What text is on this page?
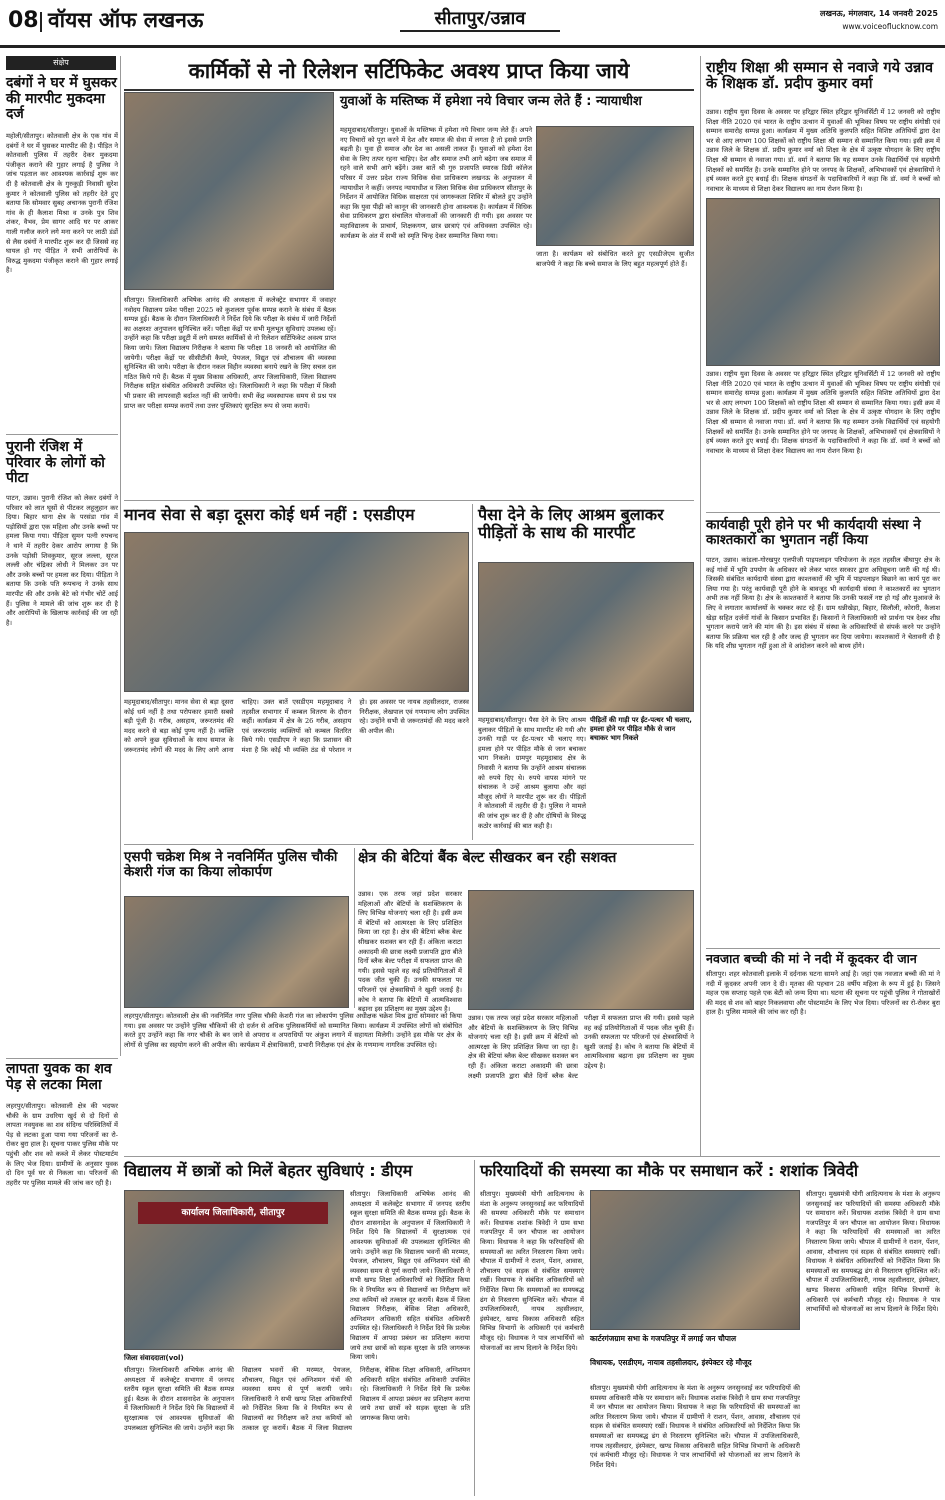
08 वॉयस ऑफ लखनऊ	सीतापुर/उन्नाव	लखनऊ, मंगलवार, 14 जनवरी 2025
www.voiceoflucknow.com
संक्षेप
दबंगों ने घर में घुसकर की मारपीट मुकदमा दर्ज
महोली/सीतापुर। कोतवाली क्षेत्र के एक गांव में दबंगों ने घर में घुसकर मारपीट की है। पीड़ित ने कोतवाली पुलिस में तहरीर देकर मुकदमा पंजीकृत कराने की गुहार लगाई है पुलिस ने जांच पड़ताल कर आवश्यक कार्रवाई शुरू कर दी है कोतवाली क्षेत्र के गुरुकुड़ी निवासी सुरेश कुमार ने कोतवाली पुलिस को तहरीर देते हुए बताया कि सोमवार सुबह अचानक पुरानी रंजिश गांव के ही कैलाश मिश्रा व उनके पुत्र शिव शंकर, वैभव, प्रेम सागर आदि घर पर आकर गाली गलौज करने लगे मना करने पर लाठी डंडों से लैस दबंगों ने मारपीट शुरू कर दी जिससे वह घायल हो गए पीड़ित ने सभी आरोपियों के विरुद्ध मुकदमा पंजीकृत कराने की गुहार लगाई है।
पुरानी रंजिश में परिवार के लोगों को पीटा
पाटन, उन्नाव। पुरानी रंजिश को लेकर दबंगों ने परिवार को लात घूसों से पीटकर लहूलुहान कर दिया। बिहार थाना क्षेत्र के परसंडा गांव में पड़ोसियों द्वारा एक महिला और उनके बच्चों पर हमला किया गया। पीड़िता सुमन पत्नी रुपचन्द ने थाने में तहरीर देकर आरोप लगाया है कि उनके पड़ोसी शिवकुमार, सूरज लल्ला, सूरज लल्ली और चंद्रिका लोधी ने मिलकर उन पर और उनके बच्चों पर हमला कर दिया। पीड़िता ने बताया कि उनके पति रूपचन्द ने उनके साथ मारपीट की और उनके बेटे को गंभीर चोटें आई हैं। पुलिस ने मामले की जांच शुरू कर दी है और आरोपियों के खिलाफ कार्रवाई की जा रही है।
लापता युवक का शव पेड़ से लटका मिला
लहरपुर/सीतापुर। कोतवाली क्षेत्र की भदफर चौकी के ग्राम उधरिया खुर्द से दो दिनों से लापता नवयुवक का शव संदिग्ध परिस्थितियों में पेड़ से लटका हुआ पाया गया परिजनों का रो-रोकर बुरा हाल है। सूचना पाकर पुलिस मौके पर पहुंची और शव को कब्जे में लेकर पोस्टमार्टम के लिए भेज दिया। ग्रामीणों के अनुसार युवक दो दिन पूर्व घर से निकला था। परिजनों की तहरीर पर पुलिस मामले की जांच कर रही है।
कार्मिकों से नो रिलेशन सर्टिफिकेट अवश्य प्राप्त किया जाये
युवाओं के मस्तिष्क में हमेशा नये विचार जन्म लेते हैं : न्यायाधीश
महमूदाबाद/सीतापुर। युवाओं के मस्तिष्क में हमेशा नये विचार जन्म लेते हैं। अपने नए विचारों को पूरा करने में देश और समाज की सेवा में लगता है तो इससे प्रगति बढ़ती है। युवा ही समाज और देश का असली ताकत हैं। युवाओं को हमेशा देश सेवा के लिए तत्पर रहना चाहिए। देश और समाज तभी आगे बढ़ेगा जब समाज में रहने वाले सभी आगे बढ़ेंगे। उक्त बातें श्री गुरु प्रजापति स्मारक डिग्री कॉलेज परिसर में उत्तर प्रदेश राज्य विधिक सेवा प्राधिकरण लखनऊ के अनुपालन में न्यायाधीश ने कहीं। जनपद न्यायाधीश व जिला विधिक सेवा प्राधिकरण सीतापुर के निर्देशन में आयोजित विधिक साक्षरता एवं जागरूकता शिविर में बोलते हुए उन्होंने कहा कि युवा पीढ़ी को कानून की जानकारी होना आवश्यक है। कार्यक्रम में विधिक सेवा प्राधिकरण द्वारा संचालित योजनाओं की जानकारी दी गयी। इस अवसर पर महाविद्यालय के प्राचार्य, शिक्षकगण, छात्र छात्राएं एवं अधिवक्ता उपस्थित रहे। कार्यक्रम के अंत में सभी को स्मृति चिन्ह देकर सम्मानित किया गया।
जाता है। कार्यक्रम को संबोधित करते हुए एसडीजेएम सुजीत बाजपेयी ने कहा कि बच्चे समाज के लिए बहुत महत्वपूर्ण होते हैं।
सीतापुर। जिलाधिकारी अभिषेक आनंद की अध्यक्षता में कलेक्ट्रेट सभागार में जवाहर नवोदय विद्यालय प्रवेश परीक्षा 2025 को कुशलता पूर्वक सम्पन्न कराने के संबंध में बैठक सम्पन्न हुई। बैठक के दौरान जिलाधिकारी ने निर्देश दिये कि परीक्षा के संबंध में जारी निर्देशों का अक्षरशः अनुपालन सुनिश्चित करें। परीक्षा केंद्रों पर सभी मूलभूत सुविधाएं उपलब्ध रहें। उन्होंने कहा कि परीक्षा ड्यूटी में लगे समस्त कार्मिकों से नो रिलेशन सर्टिफिकेट अवश्य प्राप्त किया जाये। जिला विद्यालय निरीक्षक ने बताया कि परीक्षा 18 जनवरी को आयोजित की जायेगी। परीक्षा केंद्रों पर सीसीटीवी कैमरे, पेयजल, विद्युत एवं शौचालय की व्यवस्था सुनिश्चित की जाये। परीक्षा के दौरान नकल विहीन व्यवस्था बनाये रखने के लिए सचल दल गठित किये गये हैं। बैठक में मुख्य विकास अधिकारी, अपर जिलाधिकारी, जिला विद्यालय निरीक्षक सहित संबंधित अधिकारी उपस्थित रहे। जिलाधिकारी ने कहा कि परीक्षा में किसी भी प्रकार की लापरवाही बर्दाश्त नहीं की जायेगी। सभी केंद्र व्यवस्थापक समय से प्रश्न पत्र प्राप्त कर परीक्षा सम्पन्न करायें तथा उत्तर पुस्तिकाएं सुरक्षित रूप से जमा करायें।
मानव सेवा से बड़ा दूसरा कोई धर्म नहीं : एसडीएम
महमूदाबाद/सीतापुर। मानव सेवा से बड़ा दूसरा कोई धर्म नहीं है तथा परोपकार हमारी सबसे बड़ी पूंजी है। गरीब, असहाय, जरूरतमंद की मदद करने से बड़ा कोई पुण्य नहीं है। व्यक्ति को अपने कुछ सुविधाओं के साथ समाज के जरूरतमंद लोगों की मदद के लिए आगे आना चाहिए। उक्त बातें एसडीएम महमूदाबाद ने तहसील सभागार में कम्बल वितरण के दौरान कहीं। कार्यक्रम में क्षेत्र के 26 गरीब, असहाय एवं जरूरतमंद व्यक्तियों को कम्बल वितरित किये गये। एसडीएम ने कहा कि प्रशासन की मंशा है कि कोई भी व्यक्ति ठंड से परेशान न हो। इस अवसर पर नायब तहसीलदार, राजस्व निरीक्षक, लेखपाल एवं गणमान्य लोग उपस्थित रहे। उन्होंने सभी से जरूरतमंदों की मदद करने की अपील की।
पैसा देने के लिए आश्रम बुलाकर पीड़ितों के साथ की मारपीट
पीड़ितों की गाड़ी पर ईंट-पत्थर भी चलाए, हमला होने पर पीड़ित मौके से जान बचाकर भाग निकले
महमूदाबाद/सीतापुर। पैसा देने के लिए आश्रम बुलाकर पीड़ितों के साथ मारपीट की गयी और उनकी गाड़ी पर ईंट-पत्थर भी चलाए गए। हमला होने पर पीड़ित मौके से जान बचाकर भाग निकले। ग्रामपुर महमूदाबाद क्षेत्र के निवासी ने बताया कि उन्होंने आश्रम संचालक को रुपये दिए थे। रुपये वापस मांगने पर संचालक ने उन्हें आश्रम बुलाया और वहां मौजूद लोगों ने मारपीट शुरू कर दी। पीड़ितों ने कोतवाली में तहरीर दी है। पुलिस ने मामले की जांच शुरू कर दी है और दोषियों के विरुद्ध कठोर कार्रवाई की बात कही है।
एसपी चक्रेश मिश्र ने नवनिर्मित पुलिस चौकी केशरी गंज का किया लोकार्पण
लहरपुर/सीतापुर। कोतवाली क्षेत्र की नवनिर्मित नगर पुलिस चौकी केशरी गंज का लोकार्पण पुलिस अधीक्षक चक्रेश मिश्र द्वारा सोमवार को किया गया। इस अवसर पर उन्होंने पुलिस चौकियों की दो दर्जन से अधिक पुलिसकर्मियों को सम्मानित किया। कार्यक्रम में उपस्थित लोगों को संबोधित करते हुए उन्होंने कहा कि नगर चौकी के बन जाने से अपराध व अपराधियों पर अंकुश लगाने में सहायता मिलेगी। उन्होंने इस मौके पर क्षेत्र के लोगों से पुलिस का सहयोग करने की अपील की। कार्यक्रम में क्षेत्राधिकारी, प्रभारी निरीक्षक एवं क्षेत्र के गणमान्य नागरिक उपस्थित रहे।
क्षेत्र की बेटियां बैंक बेल्ट सीखकर बन रही सशक्त
उन्नाव। एक तरफ जहां प्रदेश सरकार महिलाओं और बेटियों के सशक्तिकरण के लिए विभिन्न योजनाएं चला रही है। इसी क्रम में बेटियों को आत्मरक्षा के लिए प्रशिक्षित किया जा रहा है। क्षेत्र की बेटियां ब्लैक बेल्ट सीखकर सशक्त बन रही हैं। अंकिता कराटा अकादमी की छात्रा लक्ष्मी प्रजापति द्वारा बीते दिनों ब्लैक बेल्ट परीक्षा में सफलता प्राप्त की गयी। इससे पहले वह कई प्रतियोगिताओं में पदक जीत चुकी हैं। उनकी सफलता पर परिजनों एवं क्षेत्रवासियों ने खुशी जताई है। कोच ने बताया कि बेटियों में आत्मविश्वास बढ़ाना इस प्रशिक्षण का मुख्य उद्देश्य है।
उन्नाव। एक तरफ जहां प्रदेश सरकार महिलाओं और बेटियों के सशक्तिकरण के लिए विभिन्न योजनाएं चला रही है। इसी क्रम में बेटियों को आत्मरक्षा के लिए प्रशिक्षित किया जा रहा है। क्षेत्र की बेटियां ब्लैक बेल्ट सीखकर सशक्त बन रही हैं। अंकिता कराटा अकादमी की छात्रा लक्ष्मी प्रजापति द्वारा बीते दिनों ब्लैक बेल्ट परीक्षा में सफलता प्राप्त की गयी। इससे पहले वह कई प्रतियोगिताओं में पदक जीत चुकी हैं। उनकी सफलता पर परिजनों एवं क्षेत्रवासियों ने खुशी जताई है। कोच ने बताया कि बेटियों में आत्मविश्वास बढ़ाना इस प्रशिक्षण का मुख्य उद्देश्य है।
राष्ट्रीय शिक्षा श्री सम्मान से नवाजे गये उन्नाव के शिक्षक डॉ. प्रदीप कुमार वर्मा
उन्नाव। राष्ट्रीय युवा दिवस के अवसर पर हरिद्वार स्थित हरिद्वार यूनिवर्सिटी में 12 जनवरी को राष्ट्रीय शिक्षा नीति 2020 एवं भारत के राष्ट्रीय उत्थान में युवाओं की भूमिका विषय पर राष्ट्रीय संगोष्ठी एवं सम्मान समारोह सम्पन्न हुआ। कार्यक्रम में मुख्य अतिथि कुलपति सहित विशिष्ट अतिथियों द्वारा देश भर से आए लगभग 100 शिक्षकों को राष्ट्रीय शिक्षा श्री सम्मान से सम्मानित किया गया। इसी क्रम में उन्नाव जिले के शिक्षक डॉ. प्रदीप कुमार वर्मा को शिक्षा के क्षेत्र में उत्कृष्ट योगदान के लिए राष्ट्रीय शिक्षा श्री सम्मान से नवाजा गया। डॉ. वर्मा ने बताया कि यह सम्मान उनके विद्यार्थियों एवं सहयोगी शिक्षकों को समर्पित है। उनके सम्मानित होने पर जनपद के शिक्षकों, अभिभावकों एवं क्षेत्रवासियों ने हर्ष व्यक्त करते हुए बधाई दी। शिक्षक संगठनों के पदाधिकारियों ने कहा कि डॉ. वर्मा ने बच्चों को नवाचार के माध्यम से शिक्षा देकर विद्यालय का नाम रोशन किया है।
उन्नाव। राष्ट्रीय युवा दिवस के अवसर पर हरिद्वार स्थित हरिद्वार यूनिवर्सिटी में 12 जनवरी को राष्ट्रीय शिक्षा नीति 2020 एवं भारत के राष्ट्रीय उत्थान में युवाओं की भूमिका विषय पर राष्ट्रीय संगोष्ठी एवं सम्मान समारोह सम्पन्न हुआ। कार्यक्रम में मुख्य अतिथि कुलपति सहित विशिष्ट अतिथियों द्वारा देश भर से आए लगभग 100 शिक्षकों को राष्ट्रीय शिक्षा श्री सम्मान से सम्मानित किया गया। इसी क्रम में उन्नाव जिले के शिक्षक डॉ. प्रदीप कुमार वर्मा को शिक्षा के क्षेत्र में उत्कृष्ट योगदान के लिए राष्ट्रीय शिक्षा श्री सम्मान से नवाजा गया। डॉ. वर्मा ने बताया कि यह सम्मान उनके विद्यार्थियों एवं सहयोगी शिक्षकों को समर्पित है। उनके सम्मानित होने पर जनपद के शिक्षकों, अभिभावकों एवं क्षेत्रवासियों ने हर्ष व्यक्त करते हुए बधाई दी। शिक्षक संगठनों के पदाधिकारियों ने कहा कि डॉ. वर्मा ने बच्चों को नवाचार के माध्यम से शिक्षा देकर विद्यालय का नाम रोशन किया है।
कार्यवाही पूरी होने पर भी कार्यदायी संस्था ने काश्तकारों का भुगतान नहीं किया
पाटन, उन्नाव। कांडला-गोरखपुर एलपीजी पाइपलाइन परियोजना के तहत तहसील बीघापुर क्षेत्र के कई गांवों में भूमि उपयोग के अधिकार को लेकर भारत सरकार द्वारा अधिसूचना जारी की गई थी। जिसकी संबंधित कार्यदायी संस्था द्वारा काश्तकारों की भूमि में पाइपलाइन बिछाने का कार्य पूरा कर लिया गया है। परंतु कार्यवाही पूरी होने के बावजूद भी कार्यदायी संस्था ने काश्तकारों का भुगतान अभी तक नहीं किया है। क्षेत्र के काश्तकारों ने बताया कि उनकी फसलें नष्ट हो गईं और मुआवजे के लिए वे लगातार कार्यालयों के चक्कर काट रहे हैं। ग्राम धन्नीखेड़ा, बिहार, सिलौली, कोरारी, कैलाश खेड़ा सहित दर्जनों गांवों के किसान प्रभावित हैं। किसानों ने जिलाधिकारी को प्रार्थना पत्र देकर शीघ्र भुगतान कराये जाने की मांग की है। इस संबंध में संस्था के अधिकारियों से संपर्क करने पर उन्होंने बताया कि प्रक्रिया चल रही है और जल्द ही भुगतान कर दिया जायेगा। काश्तकारों ने चेतावनी दी है कि यदि शीघ्र भुगतान नहीं हुआ तो वे आंदोलन करने को बाध्य होंगे।
नवजात बच्ची की मां ने नदी में कूदकर दी जान
सीतापुर। शहर कोतवाली इलाके में दर्दनाक घटना सामने आई है। जहां एक नवजात बच्ची की मां ने नदी में कूदकर अपनी जान दे दी। मृतका की पहचान 28 वर्षीय महिला के रूप में हुई है। जिसने महज एक सप्ताह पहले एक बेटी को जन्म दिया था। घटना की सूचना पर पहुंची पुलिस ने गोताखोरों की मदद से शव को बाहर निकलवाया और पोस्टमार्टम के लिए भेज दिया। परिजनों का रो-रोकर बुरा हाल है। पुलिस मामले की जांच कर रही है।
विद्यालय में छात्रों को मिलें बेहतर सुविधाएं : डीएम
कार्यालय जिलाधिकारी, सीतापुर
जिला संवाददाता(vol)
सीतापुर। जिलाधिकारी अभिषेक आनंद की अध्यक्षता में कलेक्ट्रेट सभागार में जनपद स्तरीय स्कूल सुरक्षा समिति की बैठक सम्पन्न हुई। बैठक के दौरान शासनादेश के अनुपालन में जिलाधिकारी ने निर्देश दिये कि विद्यालयों में सुरक्षात्मक एवं आवश्यक सुविधाओं की उपलब्धता सुनिश्चित की जाये। उन्होंने कहा कि विद्यालय भवनों की मरम्मत, पेयजल, शौचालय, विद्युत एवं अग्निशमन यंत्रों की व्यवस्था समय से पूर्ण करायी जाये। जिलाधिकारी ने सभी खण्ड शिक्षा अधिकारियों को निर्देशित किया कि वे नियमित रूप से विद्यालयों का निरीक्षण करें तथा कमियों को तत्काल दूर करायें। बैठक में जिला विद्यालय निरीक्षक, बेसिक शिक्षा अधिकारी, अग्निशमन अधिकारी सहित संबंधित अधिकारी उपस्थित रहे। जिलाधिकारी ने निर्देश दिये कि प्रत्येक विद्यालय में आपदा प्रबंधन का प्रशिक्षण कराया जाये तथा छात्रों को सड़क सुरक्षा के प्रति जागरूक किया जाये।
सीतापुर। जिलाधिकारी अभिषेक आनंद की अध्यक्षता में कलेक्ट्रेट सभागार में जनपद स्तरीय स्कूल सुरक्षा समिति की बैठक सम्पन्न हुई। बैठक के दौरान शासनादेश के अनुपालन में जिलाधिकारी ने निर्देश दिये कि विद्यालयों में सुरक्षात्मक एवं आवश्यक सुविधाओं की उपलब्धता सुनिश्चित की जाये। उन्होंने कहा कि विद्यालय भवनों की मरम्मत, पेयजल, शौचालय, विद्युत एवं अग्निशमन यंत्रों की व्यवस्था समय से पूर्ण करायी जाये। जिलाधिकारी ने सभी खण्ड शिक्षा अधिकारियों को निर्देशित किया कि वे नियमित रूप से विद्यालयों का निरीक्षण करें तथा कमियों को तत्काल दूर करायें। बैठक में जिला विद्यालय निरीक्षक, बेसिक शिक्षा अधिकारी, अग्निशमन अधिकारी सहित संबंधित अधिकारी उपस्थित रहे। जिलाधिकारी ने निर्देश दिये कि प्रत्येक विद्यालय में आपदा प्रबंधन का प्रशिक्षण कराया जाये तथा छात्रों को सड़क सुरक्षा के प्रति जागरूक किया जाये।
फरियादियों की समस्या का मौके पर समाधान करें : शशांक त्रिवेदी
सीतापुर। मुख्यमंत्री योगी आदित्यनाथ के मंशा के अनुरूप जनसुनवाई कर फरियादियों की समस्या अधिकारी मौके पर समाधान करें। विधायक शशांक त्रिवेदी ने ग्राम सभा गजपतिपुर में जन चौपाल का आयोजन किया। विधायक ने कहा कि फरियादियों की समस्याओं का त्वरित निस्तारण किया जाये। चौपाल में ग्रामीणों ने राशन, पेंशन, आवास, शौचालय एवं सड़क से संबंधित समस्याएं रखीं। विधायक ने संबंधित अधिकारियों को निर्देशित किया कि समस्याओं का समयबद्ध ढंग से निस्तारण सुनिश्चित करें। चौपाल में उपजिलाधिकारी, नायब तहसीलदार, इंस्पेक्टर, खण्ड विकास अधिकारी सहित विभिन्न विभागों के अधिकारी एवं कर्मचारी मौजूद रहे। विधायक ने पात्र लाभार्थियों को योजनाओं का लाभ दिलाने के निर्देश दिये।
कार्टरगंजग्राम सभा के गजपतिपुर में लगाई जन चौपाल
विधायक, एसडीएम, नायाब तहसीलदार, इंस्पेक्टर रहे मौजूद
सीतापुर। मुख्यमंत्री योगी आदित्यनाथ के मंशा के अनुरूप जनसुनवाई कर फरियादियों की समस्या अधिकारी मौके पर समाधान करें। विधायक शशांक त्रिवेदी ने ग्राम सभा गजपतिपुर में जन चौपाल का आयोजन किया। विधायक ने कहा कि फरियादियों की समस्याओं का त्वरित निस्तारण किया जाये। चौपाल में ग्रामीणों ने राशन, पेंशन, आवास, शौचालय एवं सड़क से संबंधित समस्याएं रखीं। विधायक ने संबंधित अधिकारियों को निर्देशित किया कि समस्याओं का समयबद्ध ढंग से निस्तारण सुनिश्चित करें। चौपाल में उपजिलाधिकारी, नायब तहसीलदार, इंस्पेक्टर, खण्ड विकास अधिकारी सहित विभिन्न विभागों के अधिकारी एवं कर्मचारी मौजूद रहे। विधायक ने पात्र लाभार्थियों को योजनाओं का लाभ दिलाने के निर्देश दिये।
सीतापुर। मुख्यमंत्री योगी आदित्यनाथ के मंशा के अनुरूप जनसुनवाई कर फरियादियों की समस्या अधिकारी मौके पर समाधान करें। विधायक शशांक त्रिवेदी ने ग्राम सभा गजपतिपुर में जन चौपाल का आयोजन किया। विधायक ने कहा कि फरियादियों की समस्याओं का त्वरित निस्तारण किया जाये। चौपाल में ग्रामीणों ने राशन, पेंशन, आवास, शौचालय एवं सड़क से संबंधित समस्याएं रखीं। विधायक ने संबंधित अधिकारियों को निर्देशित किया कि समस्याओं का समयबद्ध ढंग से निस्तारण सुनिश्चित करें। चौपाल में उपजिलाधिकारी, नायब तहसीलदार, इंस्पेक्टर, खण्ड विकास अधिकारी सहित विभिन्न विभागों के अधिकारी एवं कर्मचारी मौजूद रहे। विधायक ने पात्र लाभार्थियों को योजनाओं का लाभ दिलाने के निर्देश दिये।
